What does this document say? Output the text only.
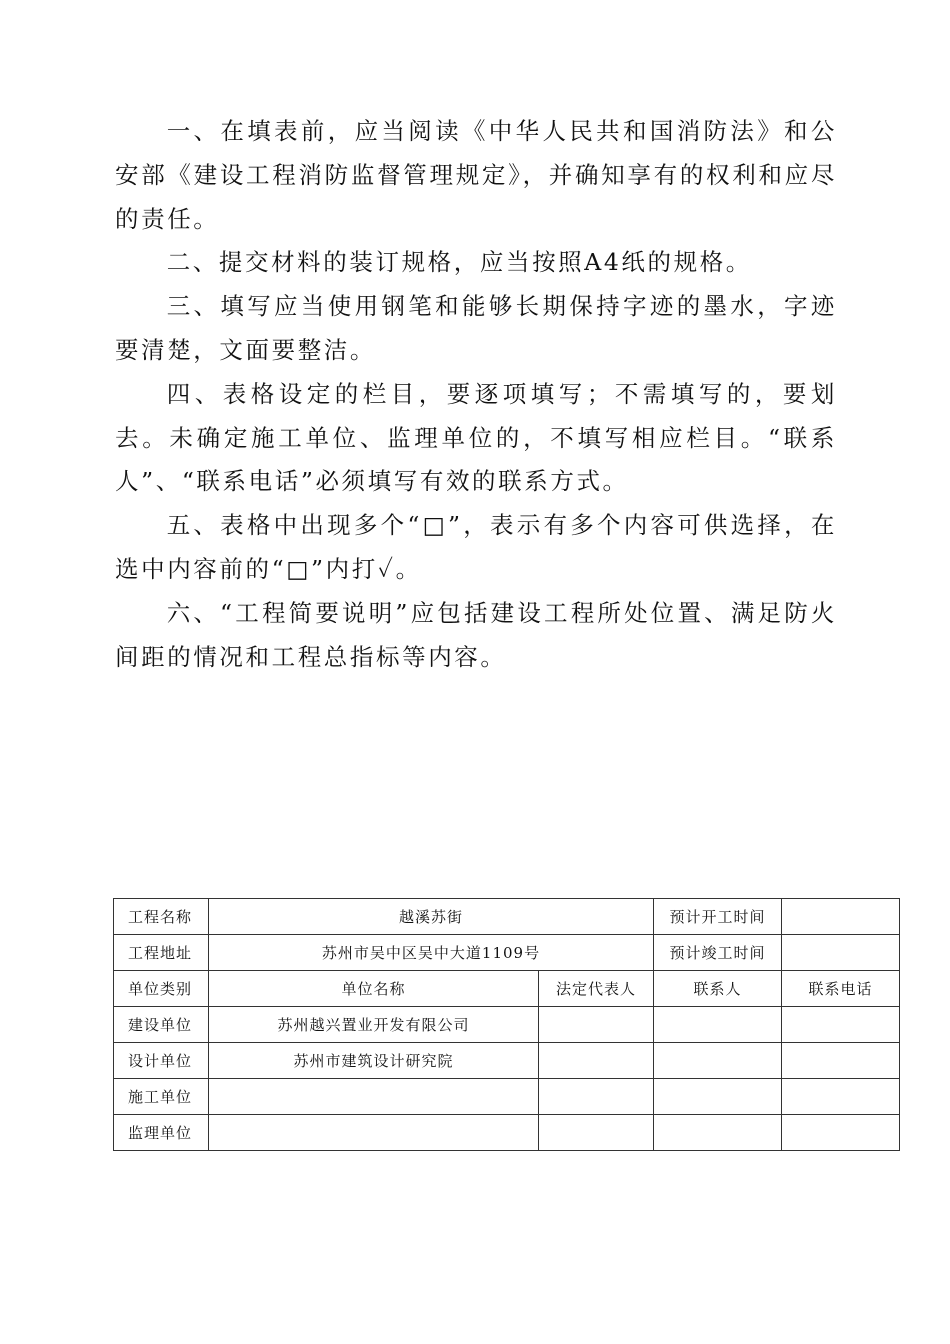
一、在填表前，应当阅读《中华人民共和国消防法》和公安部《建设工程消防监督管理规定》，并确知享有的权利和应尽的责任。

二、提交材料的装订规格，应当按照A4纸的规格。

三、填写应当使用钢笔和能够长期保持字迹的墨水，字迹要清楚，文面要整洁。

四、表格设定的栏目，要逐项填写；不需填写的，要划去。未确定施工单位、监理单位的，不填写相应栏目。“联系人”、“联系电话”必须填写有效的联系方式。

五、表格中出现多个“□”，表示有多个内容可供选择，在选中内容前的“□”内打✓。

六、“工程简要说明”应包括建设工程所处位置、满足防火间距的情况和工程总指标等内容。

工程名称	越溪苏街		预计开工时间	
工程地址	苏州市吴中区吴中大道1109号		预计竣工时间	
单位类别	单位名称	法定代表人	联系人	联系电话
建设单位	苏州越兴置业开发有限公司			
设计单位	苏州市建筑设计研究院			
施工单位				
监理单位				
